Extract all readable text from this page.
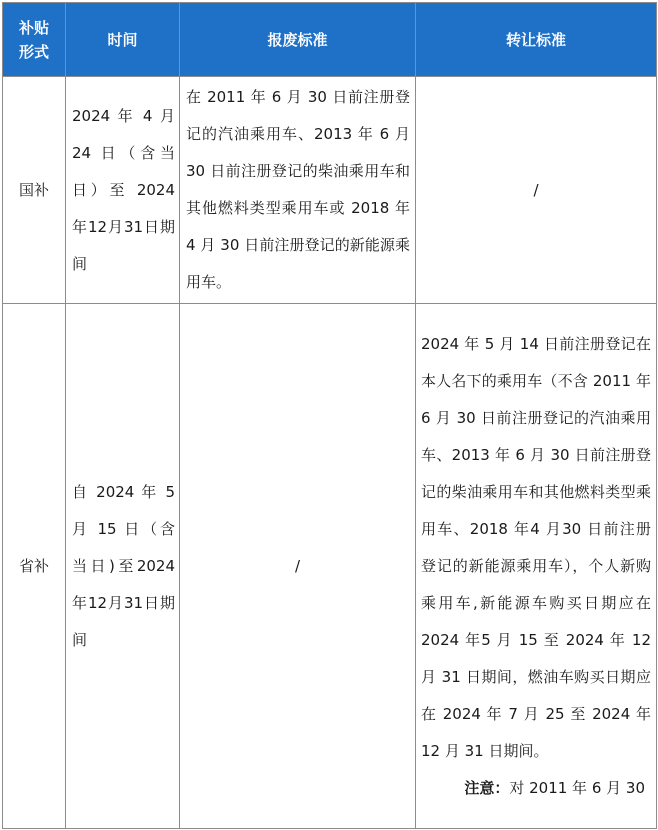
补贴
形式	时间	报废标准	转让标准
国补	2024 年 4 月 24 日（含当日）至 2024 年12月31日期间	在 2011 年 6 月 30 日前注册登记的汽油乘用车、2013 年 6 月 30 日前注册登记的柴油乘用车和其他燃料类型乘用车或 2018 年 4 月 30 日前注册登记的新能源乘用车。	/
省补	自 2024 年 5 月 15 日（含当日)至2024 年12月31日期间	/	2024 年 5 月 14 日前注册登记在本人名下的乘用车（不含 2011 年 6 月 30 日前注册登记的汽油乘用车、2013 年 6 月 30 日前注册登记的柴油乘用车和其他燃料类型乘用车、2018 年4 月30 日前注册登记的新能源乘用车），个人新购乘用车,新能源车购买日期应在 2024 年5 月 15 至 2024 年 12 月 31 日期间，燃油车购买日期应在 2024 年 7 月 25 至 2024 年 12 月 31 日期间。
注意：对 2011 年 6 月 30
